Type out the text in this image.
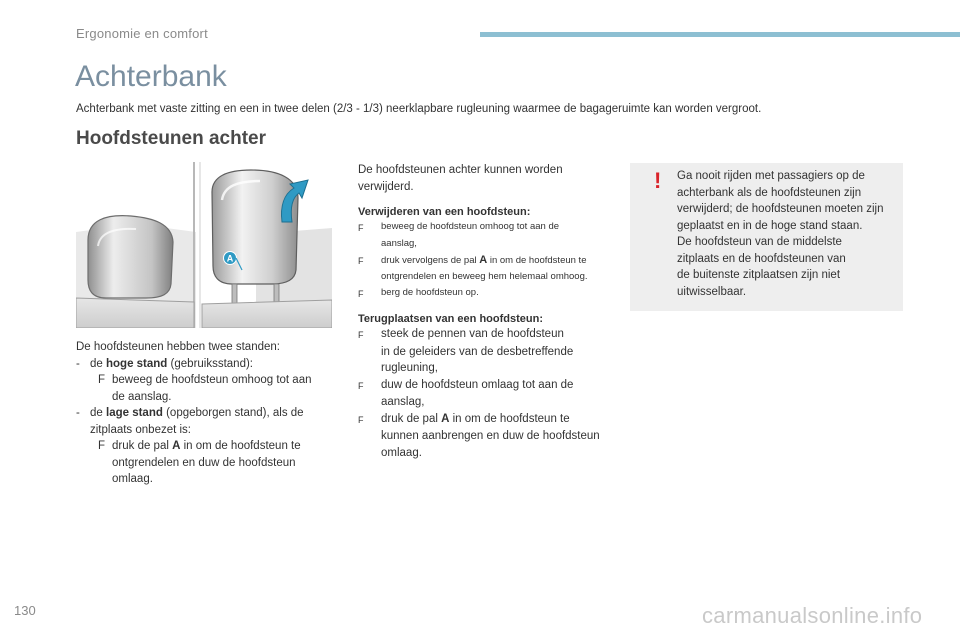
Ergonomie en comfort
Achterbank
Achterbank met vaste zitting en een in twee delen (2/3 - 1/3) neerklapbare rugleuning waarmee de bagageruimte kan worden vergroot.
Hoofdsteunen achter
A
De hoofdsteunen hebben twee standen:
- de hoge stand (gebruiksstand):
F beweeg de hoofdsteun omhoog tot aan
de aanslag.
- de lage stand (opgeborgen stand), als de
zitplaats onbezet is:
F druk de pal A in om de hoofdsteun te
ontgrendelen en duw de hoofdsteun
omlaag.
De hoofdsteunen achter kunnen worden
verwijderd.
Verwijderen van een hoofdsteun:
F	beweeg de hoofdsteun omhoog tot aan de
aanslag,
F	druk vervolgens de pal A in om de hoofdsteun te
ontgrendelen en beweeg hem helemaal omhoog.
F	berg de hoofdsteun op.
Terugplaatsen van een hoofdsteun:
F	steek de pennen van de hoofdsteun
in de geleiders van de desbetreffende
rugleuning,
F	duw de hoofdsteun omlaag tot aan de
aanslag,
F	druk de pal A in om de hoofdsteun te
kunnen aanbrengen en duw de hoofdsteun
omlaag.
Ga nooit rijden met passagiers op de
achterbank als de hoofdsteunen zijn
verwijderd; de hoofdsteunen moeten zijn
geplaatst en in de hoge stand staan.
De hoofdsteun van de middelste
zitplaats en de hoofdsteunen van
de buitenste zitplaatsen zijn niet
uitwisselbaar.
!
130	carmanualsonline.info
